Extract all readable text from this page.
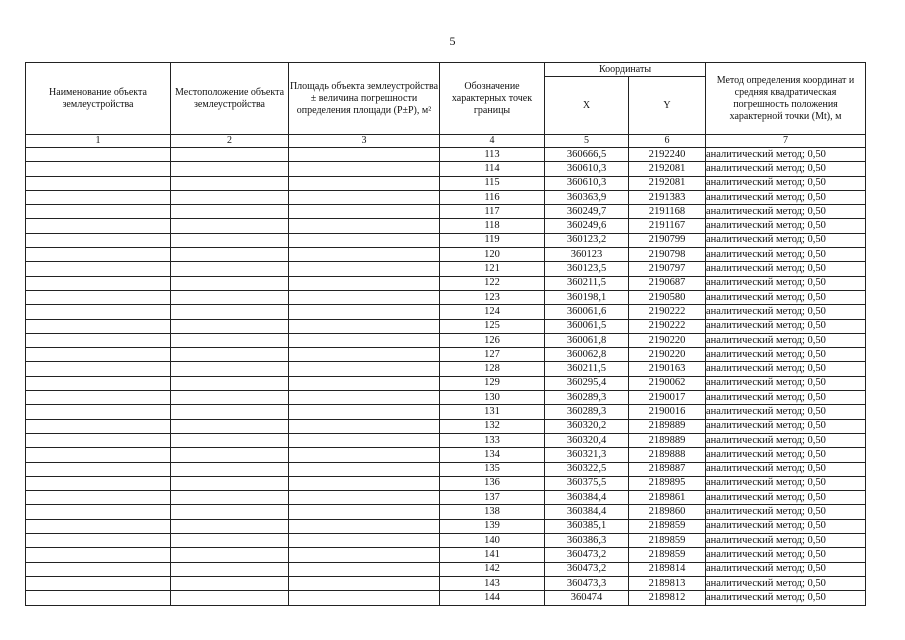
5
Наименование объекта землеустройства	Местоположение объекта землеустройства	Площадь объекта землеустройства ± величина погрешности определения площади (P±P), м²	Обозначение характерных точек границы	Координаты		Метод определения координат и средняя квадратическая погрешность положения характерной точки (Mt), м
				X	Y	
1	2	3	4	5	6	7
			113	360666,5	2192240	аналитический метод; 0,50
			114	360610,3	2192081	аналитический метод; 0,50
			115	360610,3	2192081	аналитический метод; 0,50
			116	360363,9	2191383	аналитический метод; 0,50
			117	360249,7	2191168	аналитический метод; 0,50
			118	360249,6	2191167	аналитический метод; 0,50
			119	360123,2	2190799	аналитический метод; 0,50
			120	360123	2190798	аналитический метод; 0,50
			121	360123,5	2190797	аналитический метод; 0,50
			122	360211,5	2190687	аналитический метод; 0,50
			123	360198,1	2190580	аналитический метод; 0,50
			124	360061,6	2190222	аналитический метод; 0,50
			125	360061,5	2190222	аналитический метод; 0,50
			126	360061,8	2190220	аналитический метод; 0,50
			127	360062,8	2190220	аналитический метод; 0,50
			128	360211,5	2190163	аналитический метод; 0,50
			129	360295,4	2190062	аналитический метод; 0,50
			130	360289,3	2190017	аналитический метод; 0,50
			131	360289,3	2190016	аналитический метод; 0,50
			132	360320,2	2189889	аналитический метод; 0,50
			133	360320,4	2189889	аналитический метод; 0,50
			134	360321,3	2189888	аналитический метод; 0,50
			135	360322,5	2189887	аналитический метод; 0,50
			136	360375,5	2189895	аналитический метод; 0,50
			137	360384,4	2189861	аналитический метод; 0,50
			138	360384,4	2189860	аналитический метод; 0,50
			139	360385,1	2189859	аналитический метод; 0,50
			140	360386,3	2189859	аналитический метод; 0,50
			141	360473,2	2189859	аналитический метод; 0,50
			142	360473,2	2189814	аналитический метод; 0,50
			143	360473,3	2189813	аналитический метод; 0,50
			144	360474	2189812	аналитический метод; 0,50
